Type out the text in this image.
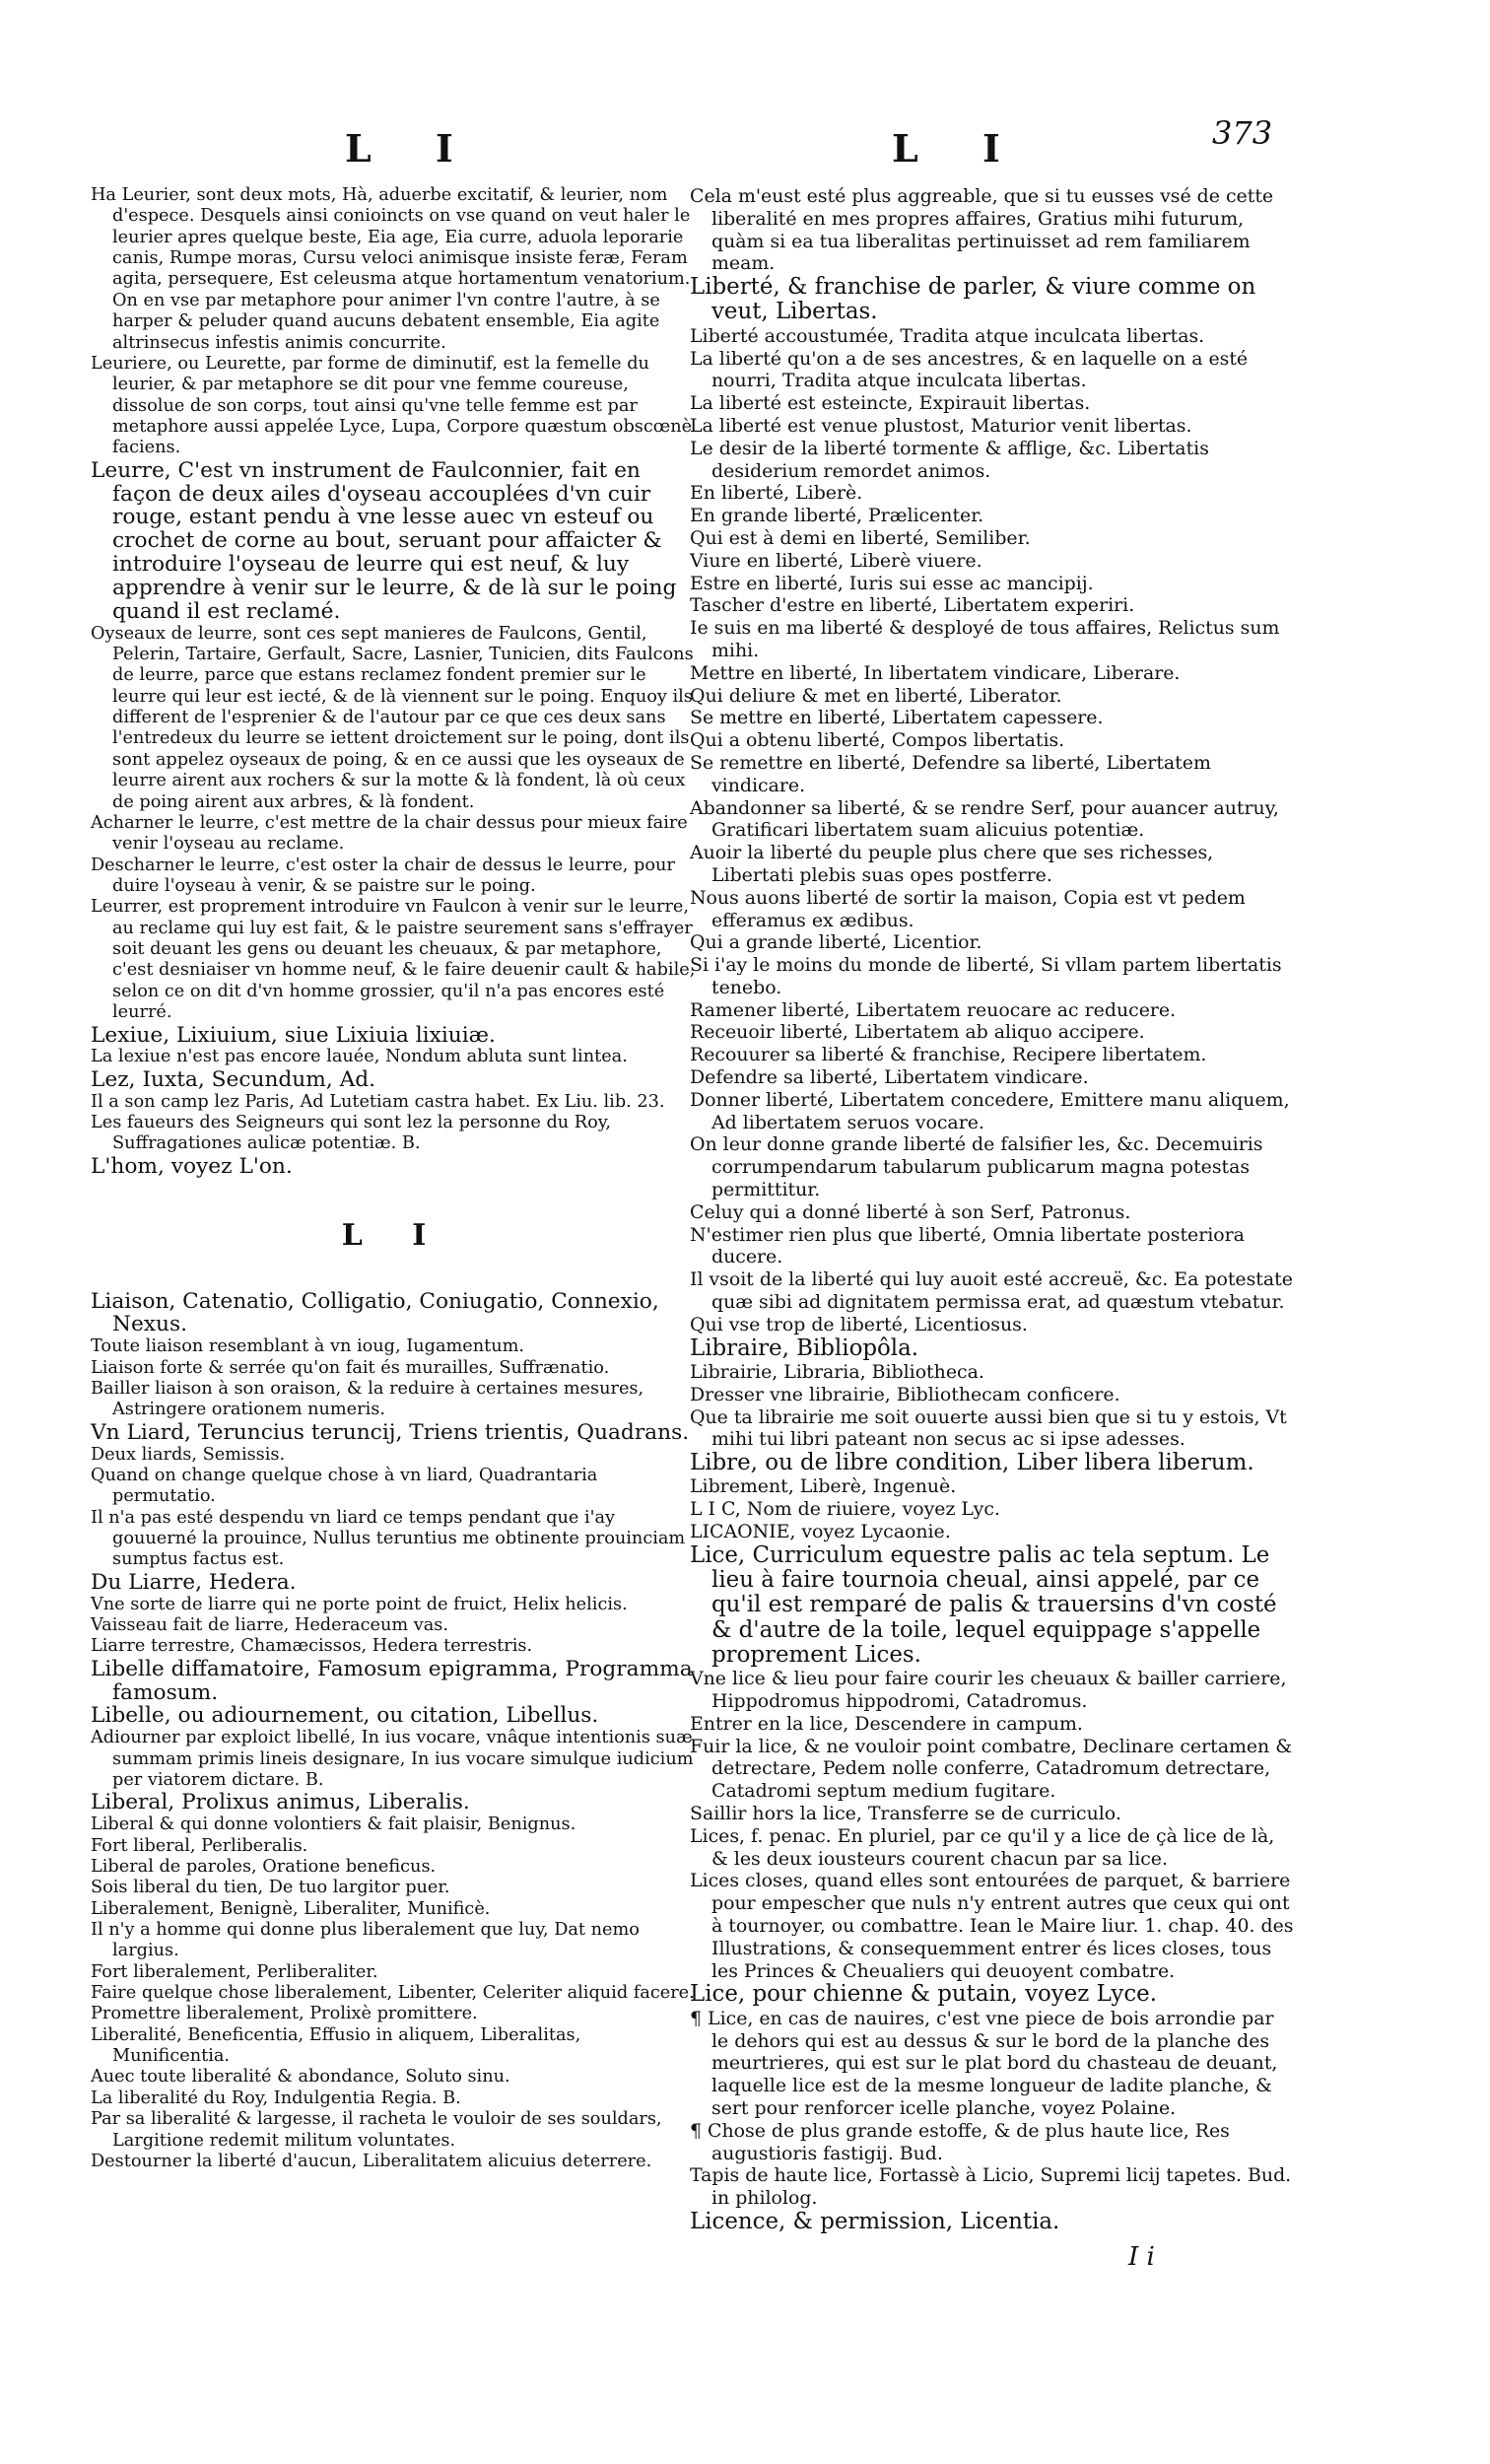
L I	L I	373

Ha Leurier, sont deux mots, Hà, aduerbe excitatif, & leurier, nom d'espece. Desquels ainsi conioincts on vse quand on veut haler le leurier apres quelque beste, Eia age, Eia curre, aduola leporarie canis, Rumpe moras, Cursu veloci animisque insiste feræ, Feram agita, persequere, Est celeusma atque hortamentum venatorium. On en vse par metaphore pour animer l'vn contre l'autre, à se harper & peluder quand aucuns debatent ensemble, Eia agite altrinsecus infestis animis concurrite.

Leuriere, ou Leurette, par forme de diminutif, est la femelle du leurier, & par metaphore se dit pour vne femme coureuse, dissolue de son corps, tout ainsi qu'vne telle femme est par metaphore aussi appelée Lyce, Lupa, Corpore quæstum obscœnè faciens.

Leurre, C'est vn instrument de Faulconnier, fait en façon de deux ailes d'oyseau accouplées d'vn cuir rouge, estant pendu à vne lesse auec vn esteuf ou crochet de corne au bout, seruant pour affaicter & introduire l'oyseau de leurre qui est neuf, & luy apprendre à venir sur le leurre, & de là sur le poing quand il est reclamé.

Oyseaux de leurre, sont ces sept manieres de Faulcons, Gentil, Pelerin, Tartaire, Gerfault, Sacre, Lasnier, Tunicien, dits Faulcons de leurre, parce que estans reclamez fondent premier sur le leurre qui leur est iecté, & de là viennent sur le poing. Enquoy ils different de l'esprenier & de l'autour par ce que ces deux sans l'entredeux du leurre se iettent droictement sur le poing, dont ils sont appelez oyseaux de poing, & en ce aussi que les oyseaux de leurre airent aux rochers & sur la motte & là fondent, là où ceux de poing airent aux arbres, & là fondent.

Acharner le leurre, c'est mettre de la chair dessus pour mieux faire venir l'oyseau au reclame.

Descharner le leurre, c'est oster la chair de dessus le leurre, pour duire l'oyseau à venir, & se paistre sur le poing.

Leurrer, est proprement introduire vn Faulcon à venir sur le leurre, au reclame qui luy est fait, & le paistre seurement sans s'effrayer soit deuant les gens ou deuant les cheuaux, & par metaphore, c'est desniaiser vn homme neuf, & le faire deuenir cault & habile, selon ce on dit d'vn homme grossier, qu'il n'a pas encores esté leurré.

Lexiue, Lixiuium, siue Lixiuia lixiuiæ.

La lexiue n'est pas encore lauée, Nondum abluta sunt lintea.

Lez, Iuxta, Secundum, Ad.

Il a son camp lez Paris, Ad Lutetiam castra habet. Ex Liu. lib. 23.

Les faueurs des Seigneurs qui sont lez la personne du Roy, Suffragationes aulicæ potentiæ. B.

L'hom, voyez L'on.

L I

Liaison, Catenatio, Colligatio, Coniugatio, Connexio, Nexus.

Toute liaison resemblant à vn ioug, Iugamentum.

Liaison forte & serrée qu'on fait és murailles, Suffrænatio.

Bailler liaison à son oraison, & la reduire à certaines mesures, Astringere orationem numeris.

Vn Liard, Teruncius teruncij, Triens trientis, Quadrans.

Deux liards, Semissis.

Quand on change quelque chose à vn liard, Quadrantaria permutatio.

Il n'a pas esté despendu vn liard ce temps pendant que i'ay gouuerné la prouince, Nullus teruntius me obtinente prouinciam sumptus factus est.

Du Liarre, Hedera.

Vne sorte de liarre qui ne porte point de fruict, Helix helicis.

Vaisseau fait de liarre, Hederaceum vas.

Liarre terrestre, Chamæcissos, Hedera terrestris.

Libelle diffamatoire, Famosum epigramma, Programma famosum.

Libelle, ou adiournement, ou citation, Libellus.

Adiourner par exploict libellé, In ius vocare, vnâque intentionis suæ summam primis lineis designare, In ius vocare simulque iudicium per viatorem dictare. B.

Liberal, Prolixus animus, Liberalis.

Liberal & qui donne volontiers & fait plaisir, Benignus.

Fort liberal, Perliberalis.

Liberal de paroles, Oratione beneficus.

Sois liberal du tien, De tuo largitor puer.

Liberalement, Benignè, Liberaliter, Munificè.

Il n'y a homme qui donne plus liberalement que luy, Dat nemo largius.

Fort liberalement, Perliberaliter.

Faire quelque chose liberalement, Libenter, Celeriter aliquid facere.

Promettre liberalement, Prolixè promittere.

Liberalité, Beneficentia, Effusio in aliquem, Liberalitas, Munificentia.

Auec toute liberalité & abondance, Soluto sinu.

La liberalité du Roy, Indulgentia Regia. B.

Par sa liberalité & largesse, il racheta le vouloir de ses souldars, Largitione redemit militum voluntates.

Destourner la liberté d'aucun, Liberalitatem alicuius deterrere.

Cela m'eust esté plus aggreable, que si tu eusses vsé de cette liberalité en mes propres affaires, Gratius mihi futurum, quàm si ea tua liberalitas pertinuisset ad rem familiarem meam.

Liberté, & franchise de parler, & viure comme on veut, Libertas.

Liberté accoustumée, Tradita atque inculcata libertas.

La liberté qu'on a de ses ancestres, & en laquelle on a esté nourri, Tradita atque inculcata libertas.

La liberté est esteincte, Expirauit libertas.

La liberté est venue plustost, Maturior venit libertas.

Le desir de la liberté tormente & afflige, &c. Libertatis desiderium remordet animos.

En liberté, Liberè.

En grande liberté, Prælicenter.

Qui est à demi en liberté, Semiliber.

Viure en liberté, Liberè viuere.

Estre en liberté, Iuris sui esse ac mancipij.

Tascher d'estre en liberté, Libertatem experiri.

Ie suis en ma liberté & desployé de tous affaires, Relictus sum mihi.

Mettre en liberté, In libertatem vindicare, Liberare.

Qui deliure & met en liberté, Liberator.

Se mettre en liberté, Libertatem capessere.

Qui a obtenu liberté, Compos libertatis.

Se remettre en liberté, Defendre sa liberté, Libertatem vindicare.

Abandonner sa liberté, & se rendre Serf, pour auancer autruy, Gratificari libertatem suam alicuius potentiæ.

Auoir la liberté du peuple plus chere que ses richesses, Libertati plebis suas opes postferre.

Nous auons liberté de sortir la maison, Copia est vt pedem efferamus ex ædibus.

Qui a grande liberté, Licentior.

Si i'ay le moins du monde de liberté, Si vllam partem libertatis tenebo.

Ramener liberté, Libertatem reuocare ac reducere.

Receuoir liberté, Libertatem ab aliquo accipere.

Recouurer sa liberté & franchise, Recipere libertatem.

Defendre sa liberté, Libertatem vindicare.

Donner liberté, Libertatem concedere, Emittere manu aliquem, Ad libertatem seruos vocare.

On leur donne grande liberté de falsifier les, &c. Decemuiris corrumpendarum tabularum publicarum magna potestas permittitur.

Celuy qui a donné liberté à son Serf, Patronus.

N'estimer rien plus que liberté, Omnia libertate posteriora ducere.

Il vsoit de la liberté qui luy auoit esté accreuë, &c. Ea potestate quæ sibi ad dignitatem permissa erat, ad quæstum vtebatur.

Qui vse trop de liberté, Licentiosus.

Libraire, Bibliopôla.

Librairie, Libraria, Bibliotheca.

Dresser vne librairie, Bibliothecam conficere.

Que ta librairie me soit ouuerte aussi bien que si tu y estois, Vt mihi tui libri pateant non secus ac si ipse adesses.

Libre, ou de libre condition, Liber libera liberum.

Librement, Liberè, Ingenuè.

L I C, Nom de riuiere, voyez Lyc.

LICAONIE, voyez Lycaonie.

Lice, Curriculum equestre palis ac tela septum. Le lieu à faire tournoia cheual, ainsi appelé, par ce qu'il est remparé de palis & trauersins d'vn costé & d'autre de la toile, lequel equippage s'appelle proprement Lices.

Vne lice & lieu pour faire courir les cheuaux & bailler carriere, Hippodromus hippodromi, Catadromus.

Entrer en la lice, Descendere in campum.

Fuir la lice, & ne vouloir point combatre, Declinare certamen & detrectare, Pedem nolle conferre, Catadromum detrectare, Catadromi septum medium fugitare.

Saillir hors la lice, Transferre se de curriculo.

Lices, f. penac. En pluriel, par ce qu'il y a lice de çà lice de là, & les deux iousteurs courent chacun par sa lice.

Lices closes, quand elles sont entourées de parquet, & barriere pour empescher que nuls n'y entrent autres que ceux qui ont à tournoyer, ou combattre. Iean le Maire liur. 1. chap. 40. des Illustrations, & consequemment entrer és lices closes, tous les Princes & Cheualiers qui deuoyent combatre.

Lice, pour chienne & putain, voyez Lyce.

¶ Lice, en cas de nauires, c'est vne piece de bois arrondie par le dehors qui est au dessus & sur le bord de la planche des meurtrieres, qui est sur le plat bord du chasteau de deuant, laquelle lice est de la mesme longueur de ladite planche, & sert pour renforcer icelle planche, voyez Polaine.

¶ Chose de plus grande estoffe, & de plus haute lice, Res augustioris fastigij. Bud.

Tapis de haute lice, Fortassè à Licio, Supremi licij tapetes. Bud. in philolog.

Licence, & permission, Licentia.

I i
